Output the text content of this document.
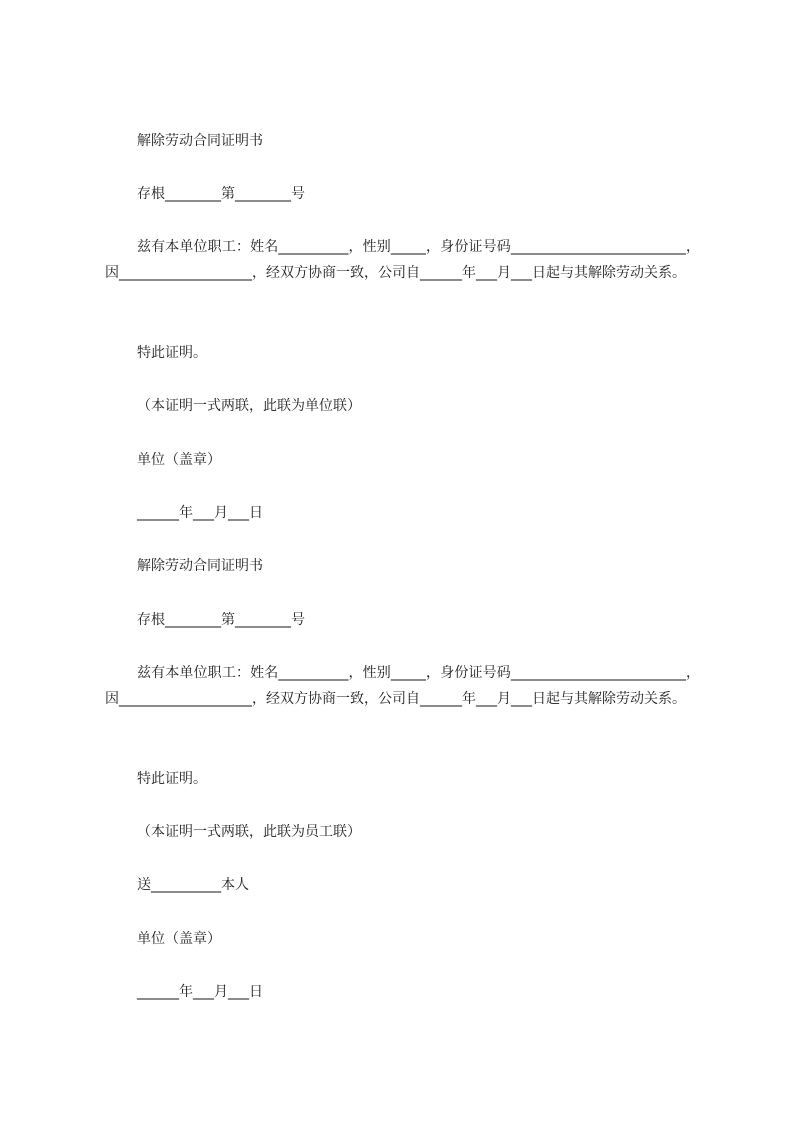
解除劳动合同证明书
存根________第________号

兹有本单位职工：姓名__________，性别_____，身份证号码_________________________，因___________________，经双方协商一致，公司自______年___月___日起与其解除劳动关系。

特此证明。
（本证明一式两联，此联为单位联）
单位（盖章）
______年___月___日
解除劳动合同证明书
存根________第________号

兹有本单位职工：姓名__________，性别_____，身份证号码_________________________，因___________________，经双方协商一致，公司自______年___月___日起与其解除劳动关系。

特此证明。
（本证明一式两联，此联为员工联）
送__________本人
单位（盖章）
______年___月___日
